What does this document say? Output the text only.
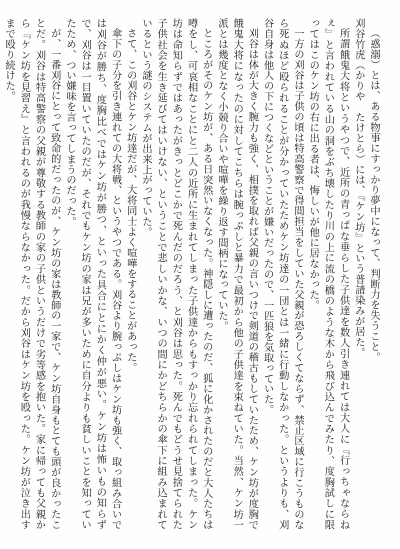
（惑溺）とは、ある物事にすっかり夢中になって、判断力を失うこと。

刈谷竹虎（かりや　たけとら）には、『ケン坊』という普請染みが居た。

所謂餓鬼大将というやつで、近所の青っぱな垂らした子供達を数人引き連れては大人に『行っちゃならねぇ』と言われている山の洞をぶち壊したり川の上に流の橋のような木から飛び込んでみたり、度胸試しに限ってはこのケン坊の右に出る者は、悔しいが他に居なかった。

一方の刈谷は子供の頃は特高警察で得間担当をしていた父親が恐ろしくてならず、禁止区域に行こうものなら死ぬほど殴られることが分かっていたためケン坊達の一団とは一緒に行動しなかった。というよりも、刈谷自身は他人の下につくなどということが嫌いだったので、一匹狼を気取っていた。

刈谷は体が大きく腕力も強く、相撲を取れば父親の言いつけで剣道の稽古もしていたため、ケン坊が度胸で餓鬼大将になったのに対してこちらは腕っぷしと暴力で最初から他の子供達を束ねていた。当然、ケン坊一派とは幾度となく小競り合いや喧嘩を繰り返す間柄になっていた。

ところがそのケン坊が、ある日突然いなくなった。神隠しに遭ったのだ、狐に化かされたのだと大人たちは噂をし、可哀相なことにと二人の近所に生まれてしまった子供達からもすっかり忘れられてしまった。ケン坊は命知らずではあったがきっとどこかで死んだのだろう、と刈谷は思った。死んでもどうせ見捨てられた子供社会を生き延びてはいけない、ということで悲しいかな、いつの間にかどちらかの傘下に組み込まれているという謎のシステムが出来上がっていた。

さて、この刈谷とケン坊達だが、大将同士よく喧嘩をすることがあった。

傘下の子分を引き連れての大将戦、というやつである。刈谷より腕っぷしはケン坊も強く、取っ組み合いでは刈谷が勝ち、度胸比べではケン坊が勝つ、といった具合にとにかく仲が悪い。ケン坊は怖いもの知らずで、刈谷は一目置いていたのだが、それでもケン坊の家は兄が多いために自分よりも貧しいことを知っていたため、つい嫌味を言ってしまうのだった。

が、一番刈谷にとって致命的だったのが、ケン坊の家は教師の一家で、ケン坊自身もとても頭が良かったことだ。刈谷は特高警察の父親が尊敬する教師の家の子供というだけで劣等感を抱いた。家に帰っても父親から『ケン坊を見習え』と言われるのが我慢ならなかった。だから刈谷はケン坊を殴った。ケン坊が泣き出すまで殴り続けた。
